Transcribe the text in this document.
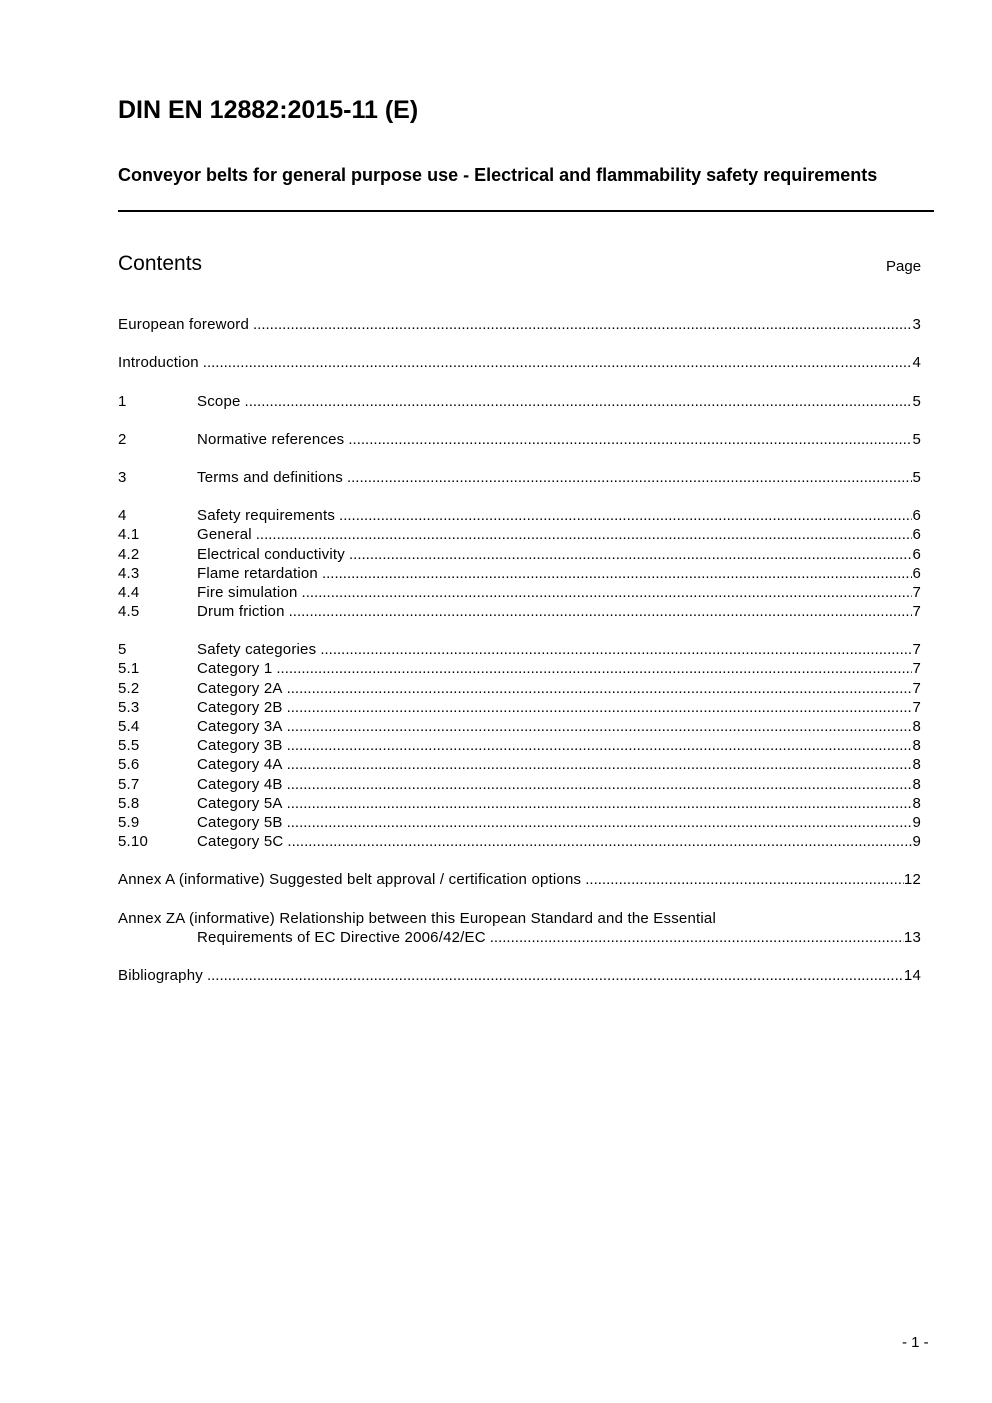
DIN EN 12882:2015-11 (E)
Conveyor belts for general purpose use - Electrical and flammability safety requirements
Contents	Page
European foreword .....	3
Introduction .....	4
1	Scope .....	5
2	Normative references .....	5
3	Terms and definitions .....	5
4	Safety requirements .....	6
4.1	General .....	6
4.2	Electrical conductivity .....	6
4.3	Flame retardation .....	6
4.4	Fire simulation .....	7
4.5	Drum friction .....	7
5	Safety categories .....	7
5.1	Category 1 .....	7
5.2	Category 2A .....	7
5.3	Category 2B .....	7
5.4	Category 3A .....	8
5.5	Category 3B .....	8
5.6	Category 4A .....	8
5.7	Category 4B .....	8
5.8	Category 5A .....	8
5.9	Category 5B .....	9
5.10	Category 5C .....	9
Annex A (informative) Suggested belt approval / certification options .....	12
Annex ZA (informative) Relationship between this European Standard and the Essential
Requirements of EC Directive 2006/42/EC .....	13
Bibliography .....	14
- 1 -
